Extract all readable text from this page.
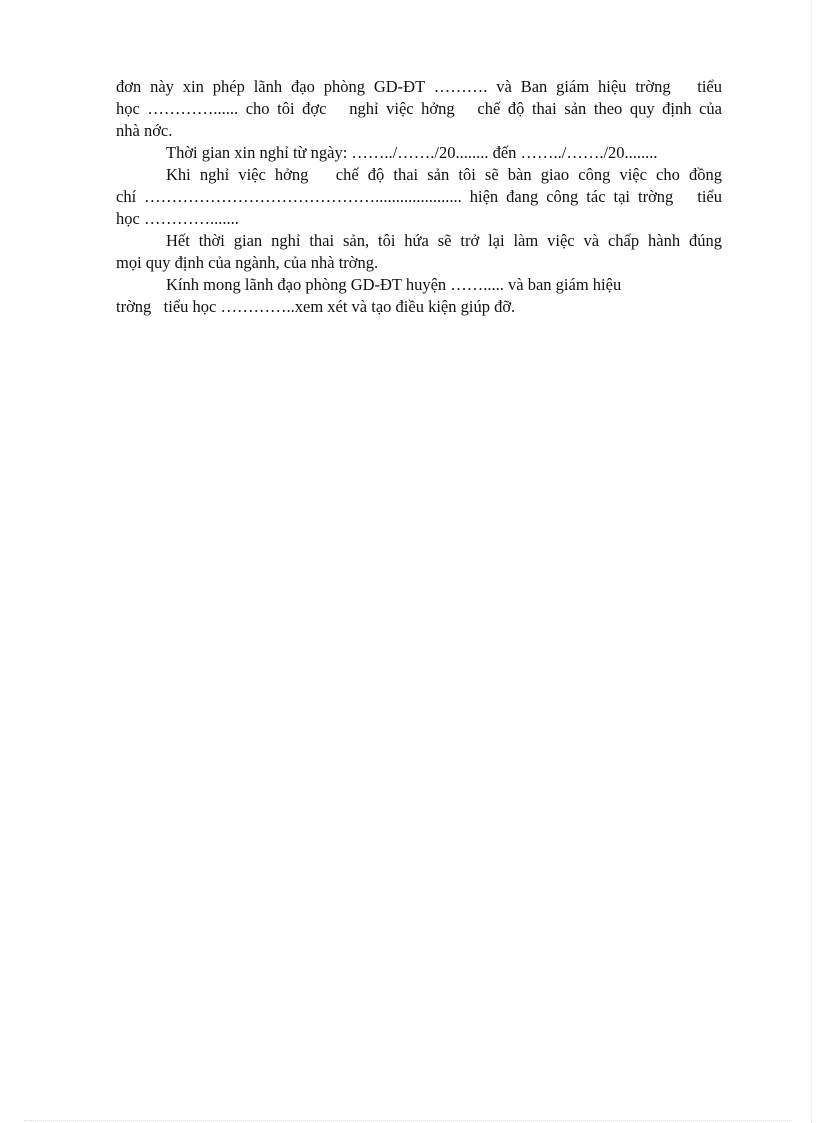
đơn này xin phép lãnh đạo phòng GD-ĐT ………. và Ban giám hiệu trờng   tiểu
học …………...... cho tôi đợc   nghỉ việc hởng   chế độ thai sản theo quy định của
nhà nớc.
Thời gian xin nghỉ từ ngày: ……../……./20........ đến ……../……./20........
Khi nghỉ việc hởng   chế độ thai sản tôi sẽ bàn giao công việc cho đồng
chí ……………………………………..................... hiện đang công tác tại trờng   tiểu
học ………….......
Hết thời gian nghỉ thai sản, tôi hứa sẽ trở lại làm việc và chấp hành đúng
mọi quy định của ngành, của nhà trờng.
Kính mong lãnh đạo phòng GD-ĐT huyện ……..... và ban giám hiệu
trờng   tiểu học …………..xem xét và tạo điều kiện giúp đỡ.
